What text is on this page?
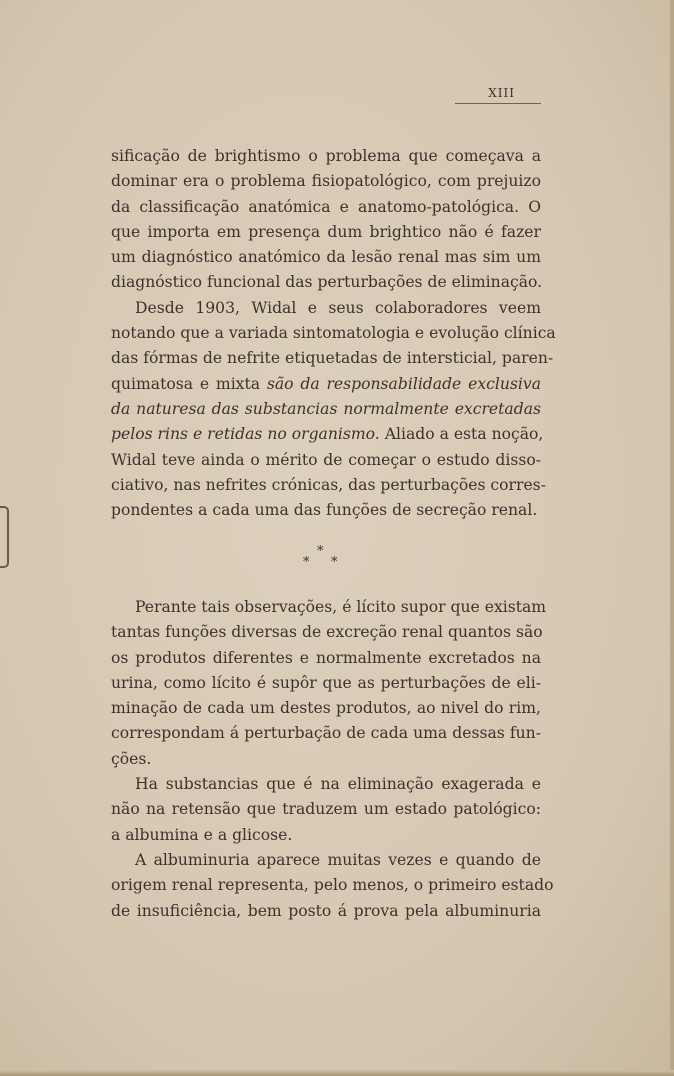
XIII
sificação de brightismo o problema que começava a
dominar era o problema fisiopatológico, com prejuizo
da classificação anatómica e anatomo-patológica. O
que importa em presença dum brightico não é fazer
um diagnóstico anatómico da lesão renal mas sim um
diagnóstico funcional das perturbações de eliminação.
Desde 1903, Widal e seus colaboradores veem
notando que a variada sintomatologia e evolução clínica
das fórmas de nefrite etiquetadas de intersticial, paren-
quimatosa e mixta são da responsabilidade exclusiva
da naturesa das substancias normalmente excretadas
pelos rins e retidas no organismo. Aliado a esta noção,
Widal teve ainda o mérito de começar o estudo disso-
ciativo, nas nefrites crónicas, das perturbações corres-
pondentes a cada uma das funções de secreção renal.
*
* *
Perante tais observações, é lícito supor que existam
tantas funções diversas de excreção renal quantos são
os produtos diferentes e normalmente excretados na
urina, como lícito é supôr que as perturbações de eli-
minação de cada um destes produtos, ao nivel do rim,
correspondam á perturbação de cada uma dessas fun-
ções.
Ha substancias que é na eliminação exagerada e
não na retensão que traduzem um estado patológico:
a albumina e a glicose.
A albuminuria aparece muitas vezes e quando de
origem renal representa, pelo menos, o primeiro estado
de insuficiência, bem posto á prova pela albuminuria
